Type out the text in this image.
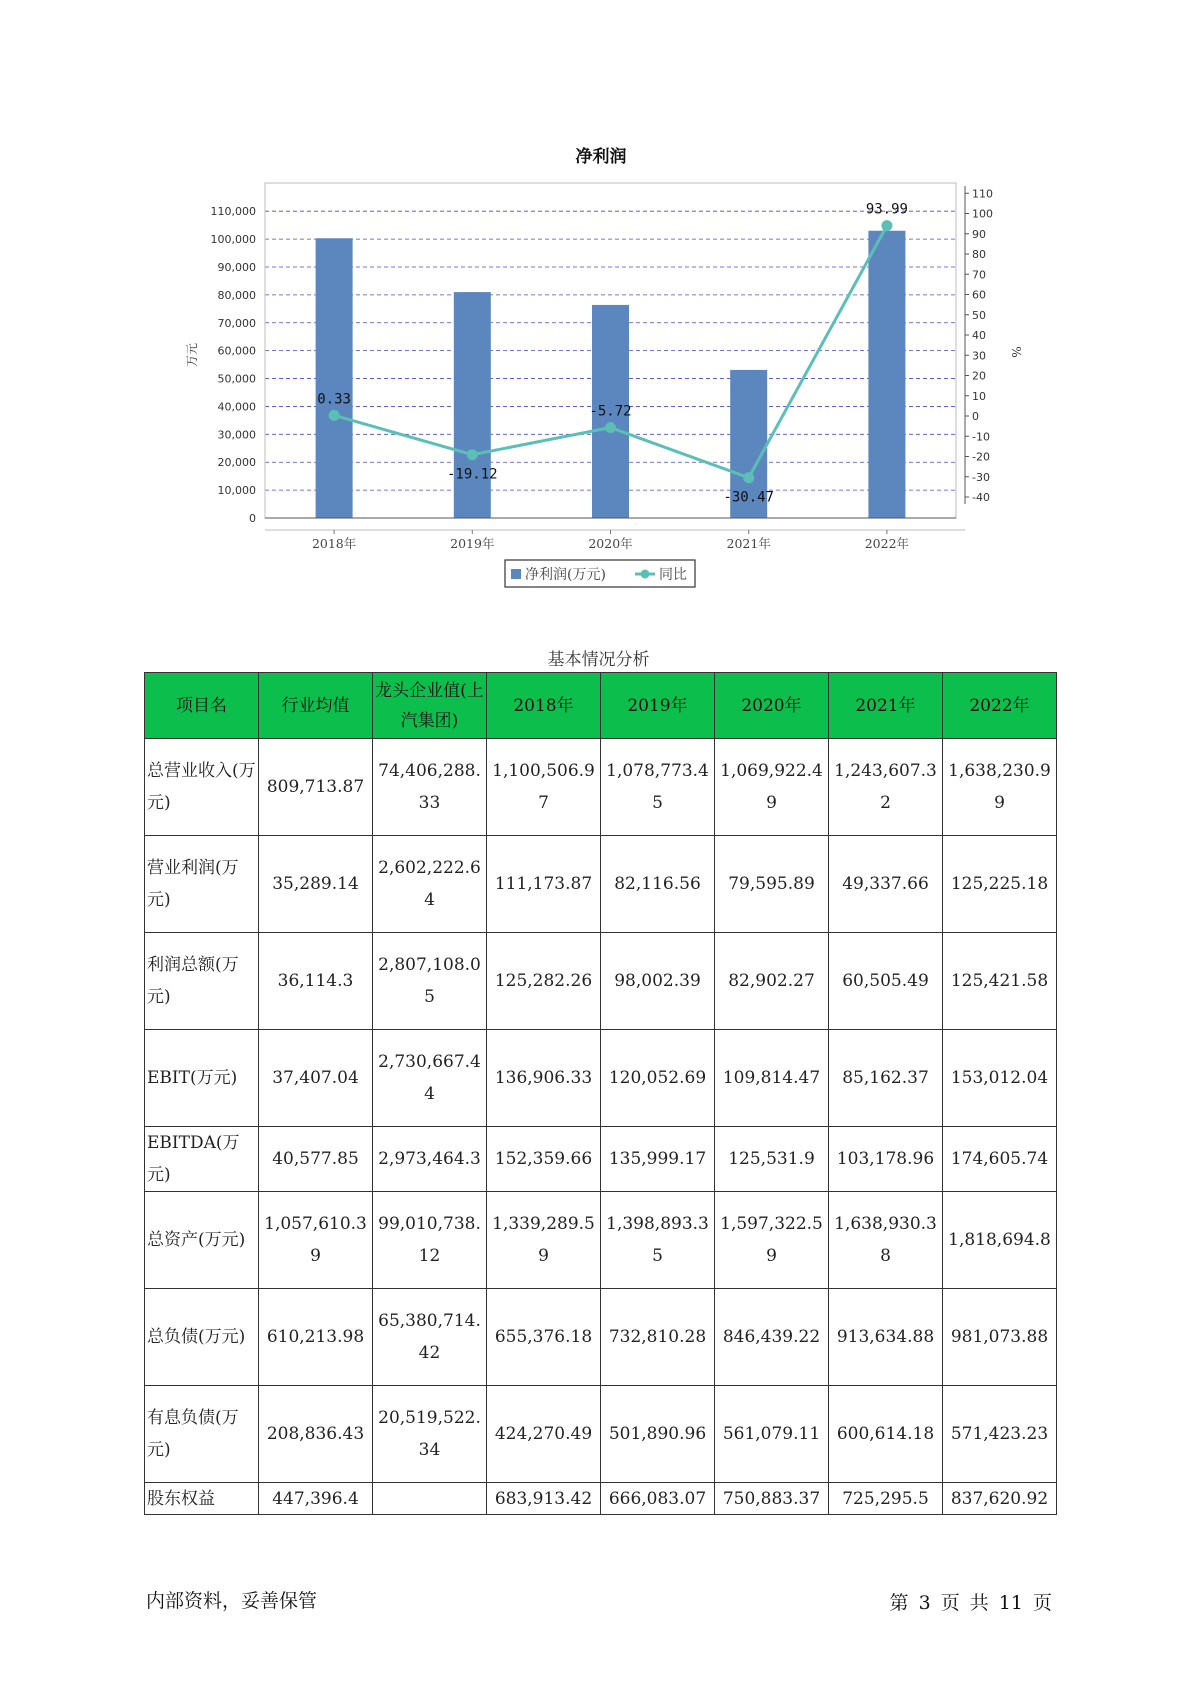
净利润
0.33
-19.12
-5.72
-30.47
93.99
0
10,000
20,000
30,000
40,000
50,000
60,000
70,000
80,000
90,000
100,000
110,000
-40
-30
-20
-10
0
10
20
30
40
50
60
70
80
90
100
110
2018年	2019年	2020年	2021年	2022年
万元	%
净利润(万元)	同比
基本情况分析
项目名	行业均值	龙头企业值(上汽集团)	2018年	2019年	2020年	2021年	2022年
总营业收入(万元)	809,713.87	74,406,288.33	1,100,506.97	1,078,773.45	1,069,922.49	1,243,607.32	1,638,230.99
营业利润(万元)	35,289.14	2,602,222.64	111,173.87	82,116.56	79,595.89	49,337.66	125,225.18
利润总额(万元)	36,114.3	2,807,108.05	125,282.26	98,002.39	82,902.27	60,505.49	125,421.58
EBIT(万元)	37,407.04	2,730,667.44	136,906.33	120,052.69	109,814.47	85,162.37	153,012.04
EBITDA(万元)	40,577.85	2,973,464.3	152,359.66	135,999.17	125,531.9	103,178.96	174,605.74
总资产(万元)	1,057,610.39	99,010,738.12	1,339,289.59	1,398,893.35	1,597,322.59	1,638,930.38	1,818,694.8
总负债(万元)	610,213.98	65,380,714.42	655,376.18	732,810.28	846,439.22	913,634.88	981,073.88
有息负债(万元)	208,836.43	20,519,522.34	424,270.49	501,890.96	561,079.11	600,614.18	571,423.23
股东权益	447,396.4		683,913.42	666,083.07	750,883.37	725,295.5	837,620.92
内部资料，妥善保管	第 3 页 共 11 页
